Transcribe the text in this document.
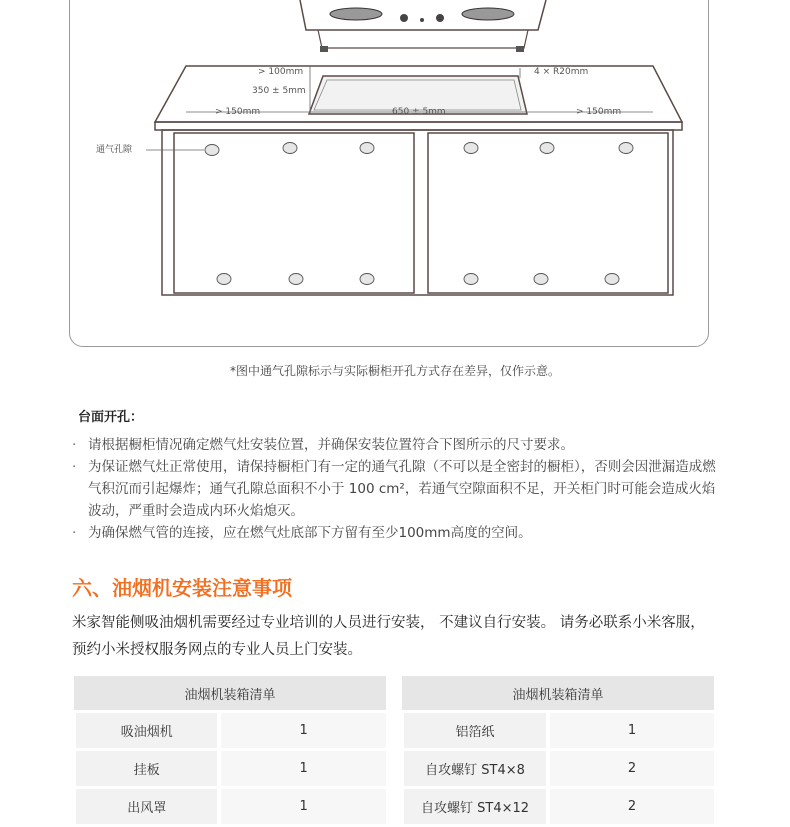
> 100mm
350 ± 5mm
4 × R20mm
> 150mm	650 ± 5mm	> 150mm
通气孔隙
*图中通气孔隙标示与实际橱柜开孔方式存在差异，仅作示意。
台面开孔：
· 请根据橱柜情况确定燃气灶安装位置，并确保安装位置符合下图所示的尺寸要求。
· 为保证燃气灶正常使用，请保持橱柜门有一定的通气孔隙（不可以是全密封的橱柜），否则会因泄漏造成燃气积沉而引起爆炸；通气孔隙总面积不小于 100 cm²，若通气空隙面积不足，开关柜门时可能会造成火焰波动，严重时会造成内环火焰熄灭。
· 为确保燃气管的连接，应在燃气灶底部下方留有至少100mm高度的空间。
六、油烟机安装注意事项
米家智能侧吸油烟机需要经过专业培训的人员进行安装， 不建议自行安装。 请务必联系小米客服， 预约小米授权服务网点的专业人员上门安装。
油烟机装箱清单	
吸油烟机	1
挂板	1
出风罩	1
油烟机装箱清单	
铝箔纸	1
自攻螺钉 ST4×8	2
自攻螺钉 ST4×12	2
